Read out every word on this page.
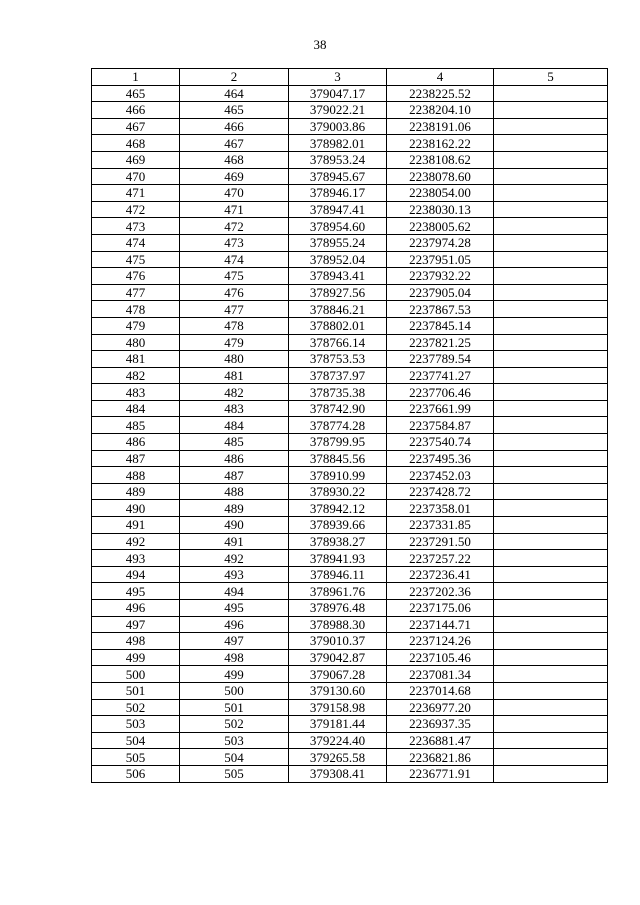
38
1	2	3	4	5
465	464	379047.17	2238225.52	
466	465	379022.21	2238204.10	
467	466	379003.86	2238191.06	
468	467	378982.01	2238162.22	
469	468	378953.24	2238108.62	
470	469	378945.67	2238078.60	
471	470	378946.17	2238054.00	
472	471	378947.41	2238030.13	
473	472	378954.60	2238005.62	
474	473	378955.24	2237974.28	
475	474	378952.04	2237951.05	
476	475	378943.41	2237932.22	
477	476	378927.56	2237905.04	
478	477	378846.21	2237867.53	
479	478	378802.01	2237845.14	
480	479	378766.14	2237821.25	
481	480	378753.53	2237789.54	
482	481	378737.97	2237741.27	
483	482	378735.38	2237706.46	
484	483	378742.90	2237661.99	
485	484	378774.28	2237584.87	
486	485	378799.95	2237540.74	
487	486	378845.56	2237495.36	
488	487	378910.99	2237452.03	
489	488	378930.22	2237428.72	
490	489	378942.12	2237358.01	
491	490	378939.66	2237331.85	
492	491	378938.27	2237291.50	
493	492	378941.93	2237257.22	
494	493	378946.11	2237236.41	
495	494	378961.76	2237202.36	
496	495	378976.48	2237175.06	
497	496	378988.30	2237144.71	
498	497	379010.37	2237124.26	
499	498	379042.87	2237105.46	
500	499	379067.28	2237081.34	
501	500	379130.60	2237014.68	
502	501	379158.98	2236977.20	
503	502	379181.44	2236937.35	
504	503	379224.40	2236881.47	
505	504	379265.58	2236821.86	
506	505	379308.41	2236771.91	
